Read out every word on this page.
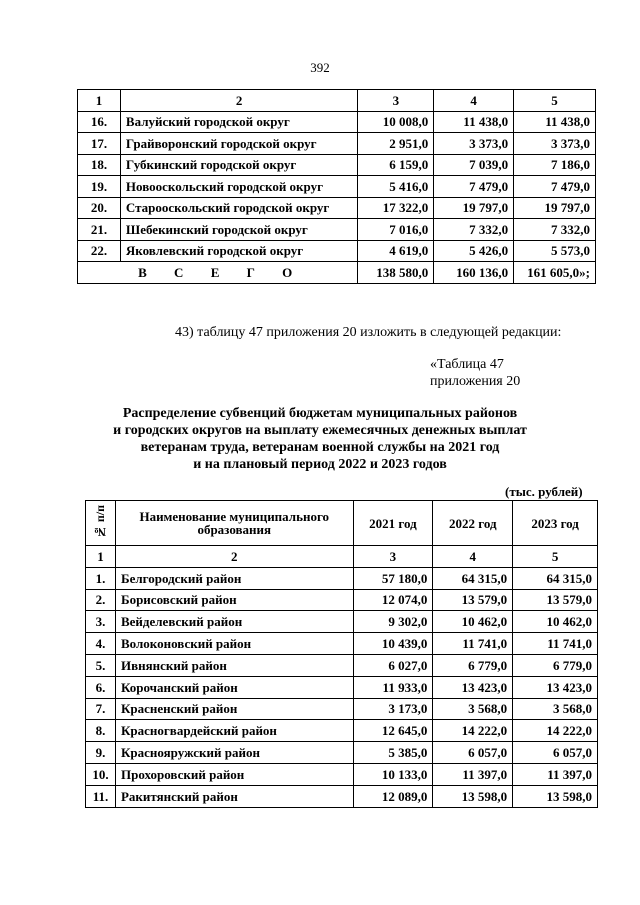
392
1	2	3	4	5
16.	Валуйский городской округ	10 008,0	11 438,0	11 438,0
17.	Грайворонский городской округ	2 951,0	3 373,0	3 373,0
18.	Губкинский городской округ	6 159,0	7 039,0	7 186,0
19.	Новооскольский городской округ	5 416,0	7 479,0	7 479,0
20.	Старооскольский городской округ	17 322,0	19 797,0	19 797,0
21.	Шебекинский городской округ	7 016,0	7 332,0	7 332,0
22.	Яковлевский городской округ	4 619,0	5 426,0	5 573,0
В С Е Г О		138 580,0	160 136,0	161 605,0»;
43) таблицу 47 приложения 20 изложить в следующей редакции:
«Таблица 47
приложения 20
Распределение субвенций бюджетам муниципальных районов
и городских округов на выплату ежемесячных денежных выплат
ветеранам труда, ветеранам военной службы на 2021 год
и на плановый период 2022 и 2023 годов
(тыс. рублей)
№ п/п	Наименование муниципального образования	2021 год	2022 год	2023 год
1	2	3	4	5
1.	Белгородский район	57 180,0	64 315,0	64 315,0
2.	Борисовский район	12 074,0	13 579,0	13 579,0
3.	Вейделевский район	9 302,0	10 462,0	10 462,0
4.	Волоконовский район	10 439,0	11 741,0	11 741,0
5.	Ивнянский район	6 027,0	6 779,0	6 779,0
6.	Корочанский район	11 933,0	13 423,0	13 423,0
7.	Красненский район	3 173,0	3 568,0	3 568,0
8.	Красногвардейский район	12 645,0	14 222,0	14 222,0
9.	Краснояружский район	5 385,0	6 057,0	6 057,0
10.	Прохоровский район	10 133,0	11 397,0	11 397,0
11.	Ракитянский район	12 089,0	13 598,0	13 598,0
